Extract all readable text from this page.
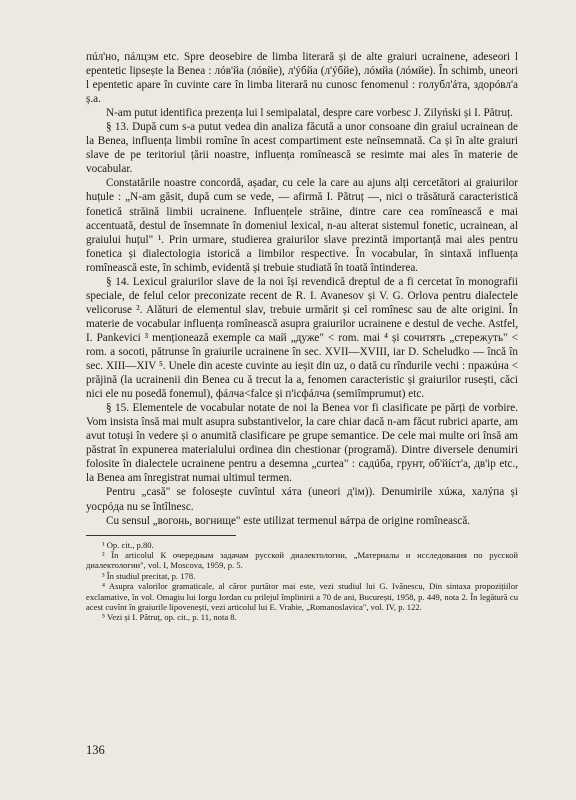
пúл'но, пáлцэм etc. Spre deosebire de limba literară și de alte graiuri ucrainene, adeseori l epentetic lipsește la Benea : лóв'йа (лóвйе), л'ýбйа (л'ýбйе), лóмйа (лóмйе). În schimb, uneori l epentetic apare în cuvinte care în limba literară nu cunosc fenomenul : голубл'áта, здорóвл'а ș.a.

N-am putut identifica prezența lui l semipalatal, despre care vorbesc J. Zilyński și I. Pătruț.

§ 13. După cum s-a putut vedea din analiza făcută a unor consoane din graiul ucrainean de la Benea, influența limbii romîne în acest compartiment este neînsemnată. Ca și în alte graiuri slave de pe teritoriul țării noastre, influența romînească se resimte mai ales în materie de vocabular.

Constatările noastre concordă, așadar, cu cele la care au ajuns alți cercetători ai graiurilor huțule : „N-am găsit, după cum se vede, — afirmă I. Pătruț —, nici o trăsătură caracteristică fonetică străină limbii ucrainene. Influențele străine, dintre care cea romînească e mai accentuată, destul de însemnate în domeniul lexical, n-au alterat sistemul fonetic, ucrainean, al graiului huțul" ¹. Prin urmare, studierea graiurilor slave prezintă importanță mai ales pentru fonetica și dialectologia istorică a limbilor respective. În vocabular, în sintaxă influența romînească este, în schimb, evidentă și trebuie studiată în toată întinderea.

§ 14. Lexicul graiurilor slave de la noi își revendică dreptul de a fi cercetat în monografii speciale, de felul celor preconizate recent de R. I. Avanesov și V. G. Orlova pentru dialectele velicoruse ². Alături de elementul slav, trebuie urmărit și cel romînesc sau de alte origini. În materie de vocabular influența romînească asupra graiurilor ucrainene e destul de veche. Astfel, I. Pankevici ³ menționează exemple ca май „дуже" < rom. mai ⁴ și сочитять „стережуть" < rom. a socoti, pătrunse în graiurile ucrainene în sec. XVII—XVIII, iar D. Scheludko — încă în sec. XIII—XIV ⁵. Unele din aceste cuvinte au ieșit din uz, o dată cu rîndurile vechi : пражúна < prăjină (la ucrainenii din Benea cu ă trecut la a, fenomen caracteristic și graiurilor rusești, căci nici ele nu posedă fonemul), фáлча<falce și п'ісфáлча (semiîmprumut) etc.

§ 15. Elementele de vocabular notate de noi la Benea vor fi clasificate pe părți de vorbire. Vom insista însă mai mult asupra substantivelor, la care chiar dacă n-am făcut rubrici aparte, am avut totuși în vedere și o anumită clasificare pe grupe semantice. De cele mai multe ori însă am păstrat în expunerea materialului ordinea din chestionar (programă). Dintre diversele denumiri folosite în dialectele ucrainene pentru a desemna „curtea" : садúба, грунт, об'йíст'а, дв'ір etc., la Benea am înregistrat numai ultimul termen.

Pentru „casă" se folosește cuvîntul хáта (uneori д'ім)). Denumirile хúжа, халýпа și уосрóда nu se întîlnesc.

Cu sensul „вогонь, вогнище" este utilizat termenul вáтра de origine romînească.

¹ Op. cit., p.80.

² În articolul К очередным задачам русской диалектологии, „Материалы и исследования по русской диалектологии", vol. I, Moscova, 1959, p. 5.

³ În studiul precitat, p. 178.

⁴ Asupra valorilor gramaticale, al căror purtător mai este, vezi studiul lui G. Ivănescu, Din sintaxa propozițiilor exclamative, în vol. Omagiu lui Iorgu Iordan cu prilejul împlinirii a 70 de ani, București, 1958, p. 449, nota 2. În legătură cu acest cuvînt în graiurile lipovenești, vezi articolul lui E. Vrabie, „Romanoslavica", vol. IV, p. 122.

⁵ Vezi și I. Pătruț, op. cit., p. 11, nota 8.

136
